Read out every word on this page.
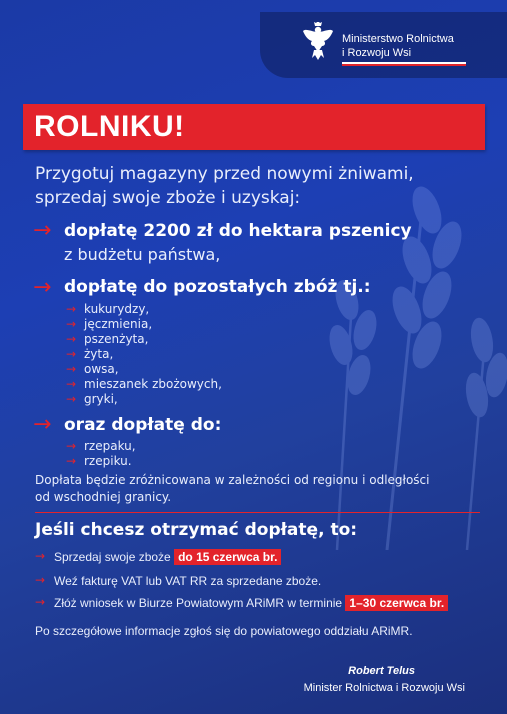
Ministerstwo Rolnictwa
i Rozwoju Wsi
ROLNIKU!
Przygotuj magazyny przed nowymi żniwami,
sprzedaj swoje zboże i uzyskaj:
→ dopłatę 2200 zł do hektara pszenicy
z budżetu państwa,
→ dopłatę do pozostałych zbóż tj.:
→ kukurydzy,
→ jęczmienia,
→ pszenżyta,
→ żyta,
→ owsa,
→ mieszanek zbożowych,
→ gryki,
→ oraz dopłatę do:
→ rzepaku,
→ rzepiku.
Dopłata będzie zróżnicowana w zależności od regionu i odległości
od wschodniej granicy.
Jeśli chcesz otrzymać dopłatę, to:
→ Sprzedaj swoje zboże do 15 czerwca br.
→ Weź fakturę VAT lub VAT RR za sprzedane zboże.
→ Złóż wniosek w Biurze Powiatowym ARiMR w terminie 1–30 czerwca br.
Po szczegółowe informacje zgłoś się do powiatowego oddziału ARiMR.
Robert Telus
Minister Rolnictwa i Rozwoju Wsi
